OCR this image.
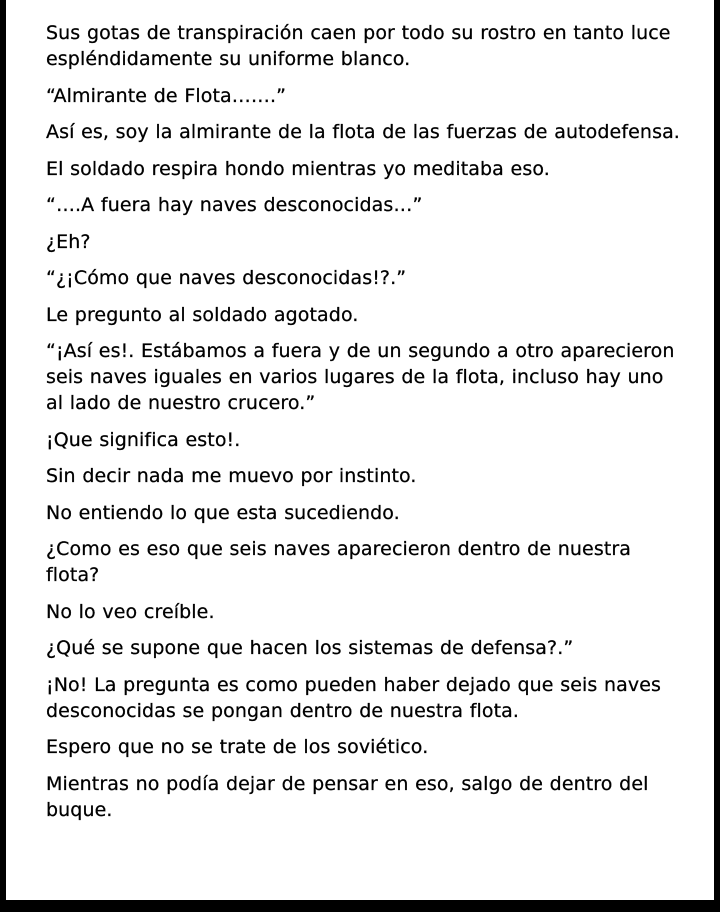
Sus gotas de transpiración caen por todo su rostro en tanto luce espléndidamente su uniforme blanco.

“Almirante de Flota…….”

Así es, soy la almirante de la flota de las fuerzas de autodefensa.

El soldado respira hondo mientras yo meditaba eso.

“….A fuera hay naves desconocidas…”

¿Eh?

“¿¡Cómo que naves desconocidas!?.”

Le pregunto al soldado agotado.

“¡Así es!. Estábamos a fuera y de un segundo a otro aparecieron seis naves iguales en varios lugares de la flota, incluso hay uno al lado de nuestro crucero.”

¡Que significa esto!.

Sin decir nada me muevo por instinto.

No entiendo lo que esta sucediendo.

¿Como es eso que seis naves aparecieron dentro de nuestra flota?

No lo veo creíble.

¿Qué se supone que hacen los sistemas de defensa?.”

¡No! La pregunta es como pueden haber dejado que seis naves desconocidas se pongan dentro de nuestra flota.

Espero que no se trate de los soviético.

Mientras no podía dejar de pensar en eso, salgo de dentro del buque.
